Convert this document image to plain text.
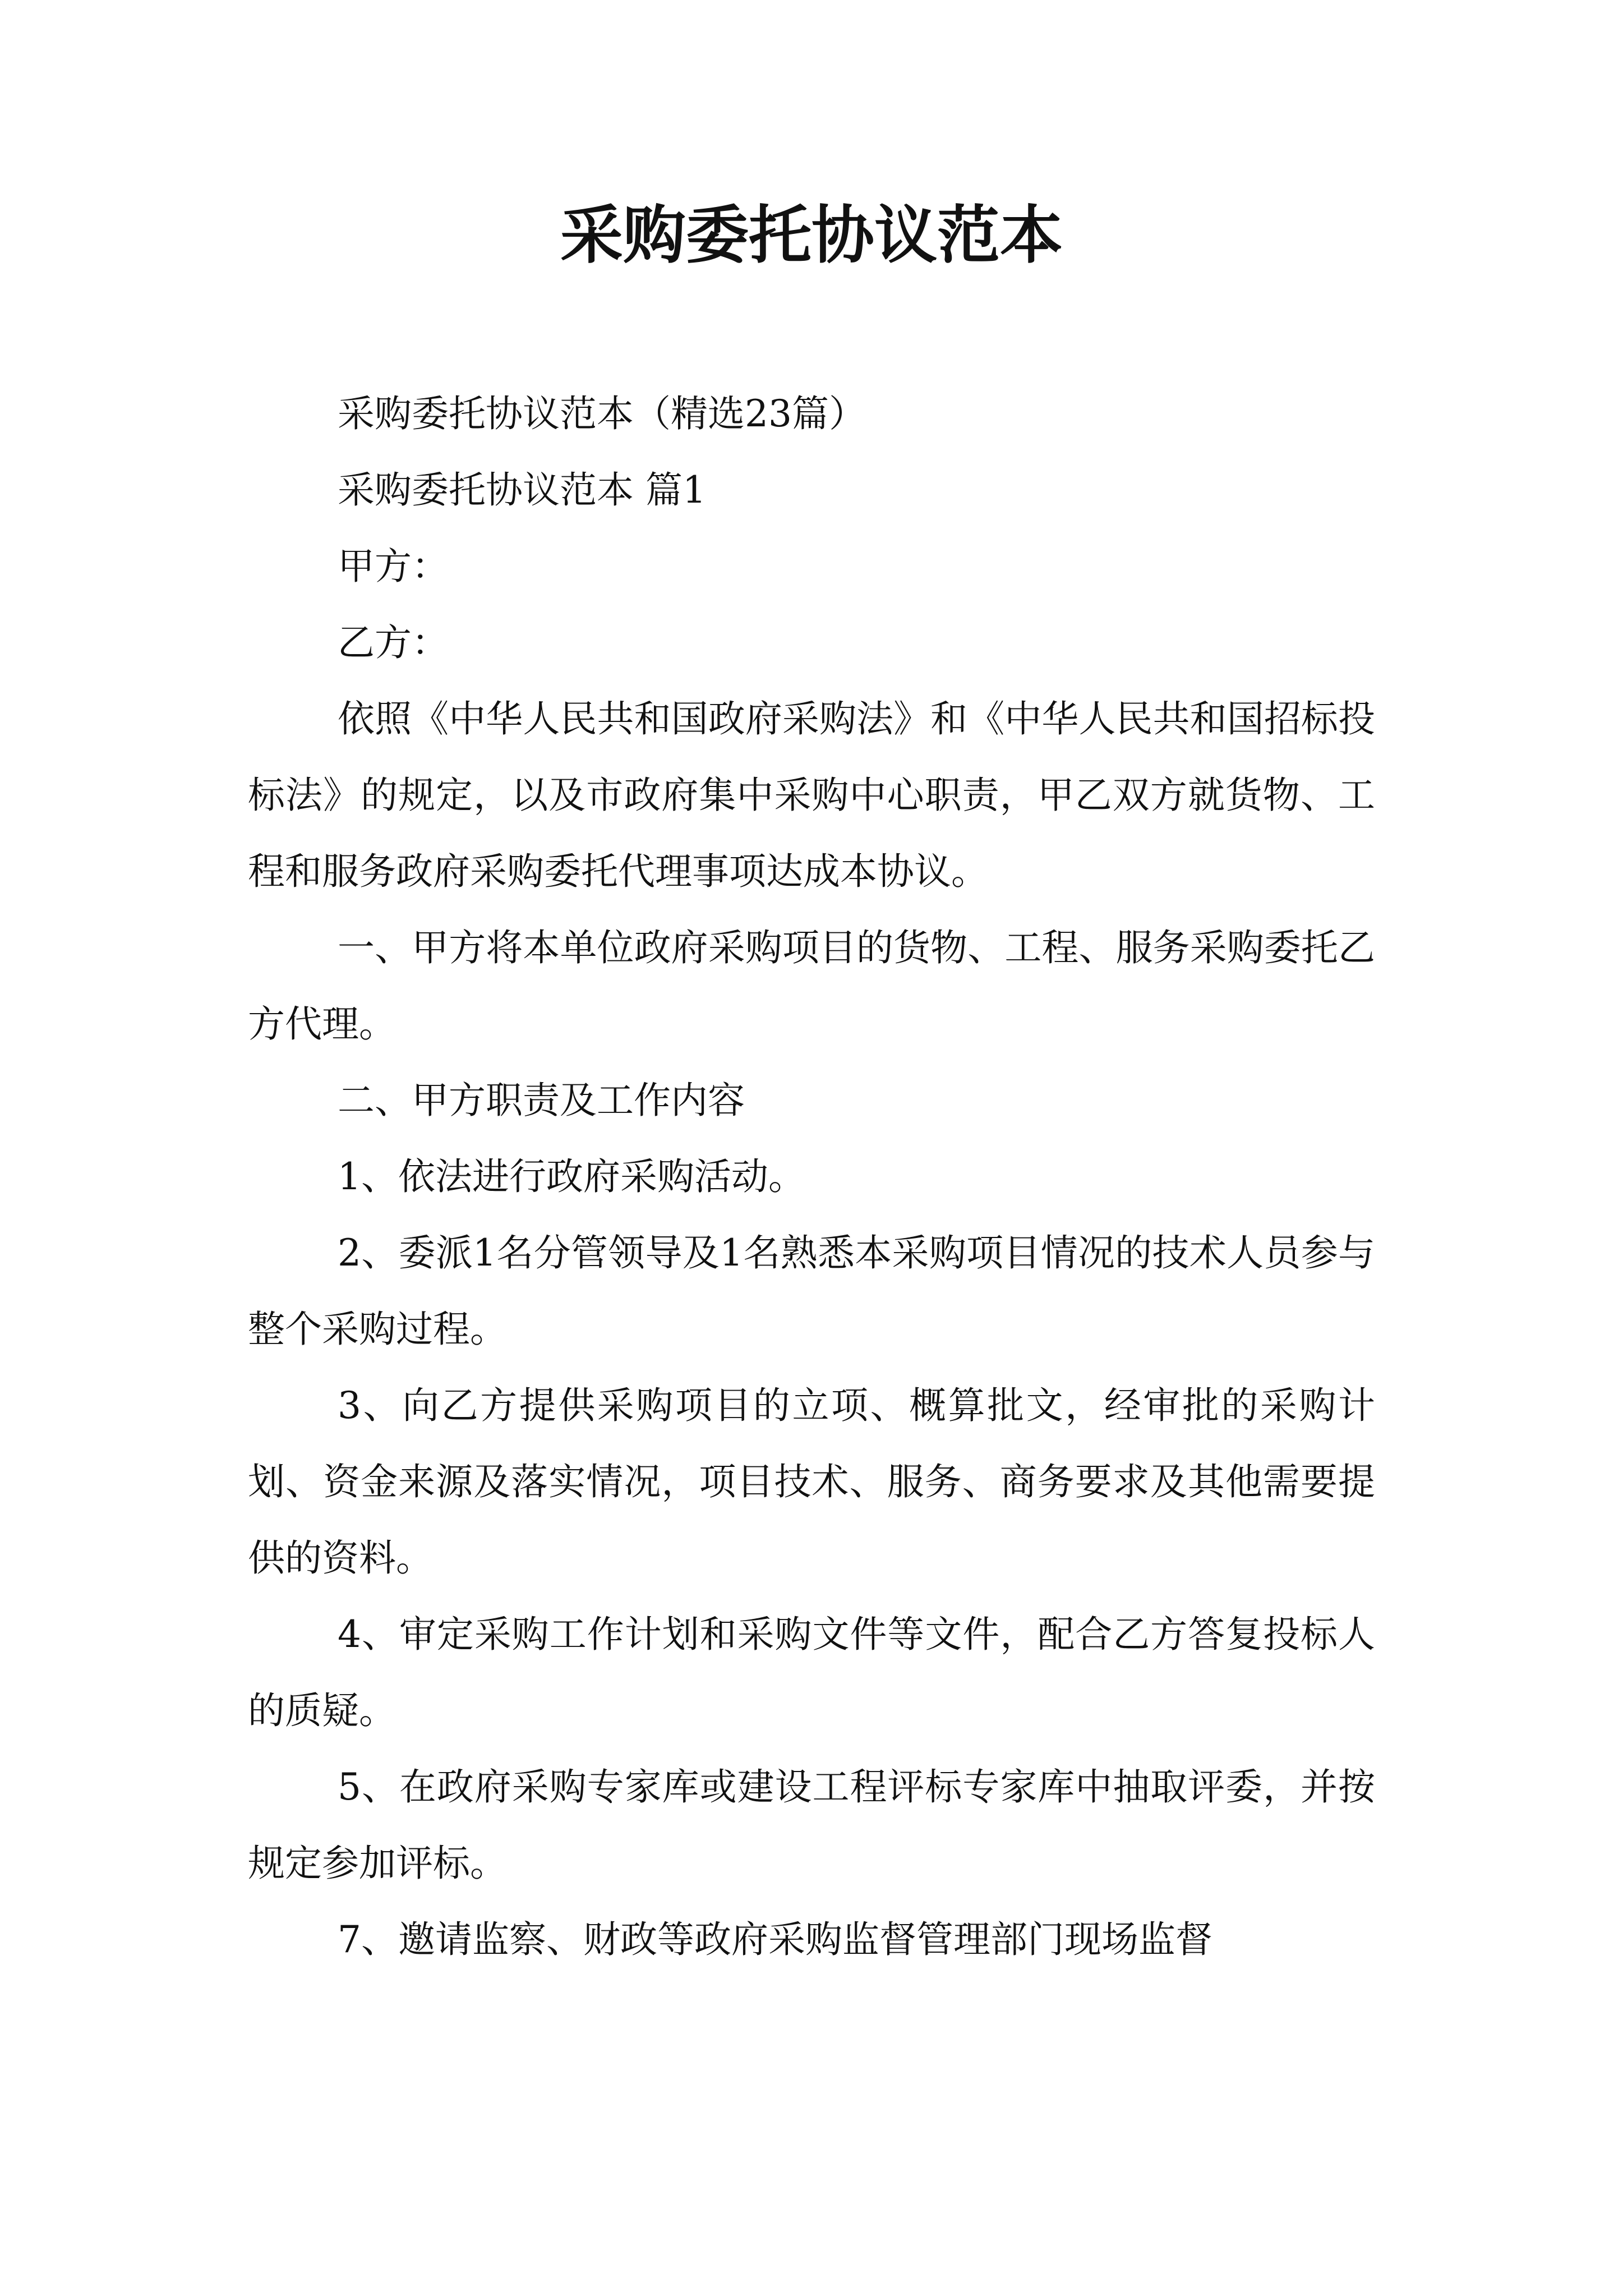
采购委托协议范本

采购委托协议范本（精选23篇）

采购委托协议范本 篇1

甲方：

乙方：

依照《中华人民共和国政府采购法》和《中华人民共和国招标投标法》的规定，以及市政府集中采购中心职责，甲乙双方就货物、工程和服务政府采购委托代理事项达成本协议。

一、甲方将本单位政府采购项目的货物、工程、服务采购委托乙方代理。

二、甲方职责及工作内容

1、依法进行政府采购活动。

2、委派1名分管领导及1名熟悉本采购项目情况的技术人员参与整个采购过程。

3、向乙方提供采购项目的立项、概算批文，经审批的采购计划、资金来源及落实情况，项目技术、服务、商务要求及其他需要提供的资料。

4、审定采购工作计划和采购文件等文件，配合乙方答复投标人的质疑。

5、在政府采购专家库或建设工程评标专家库中抽取评委，并按规定参加评标。

7、邀请监察、财政等政府采购监督管理部门现场监督
